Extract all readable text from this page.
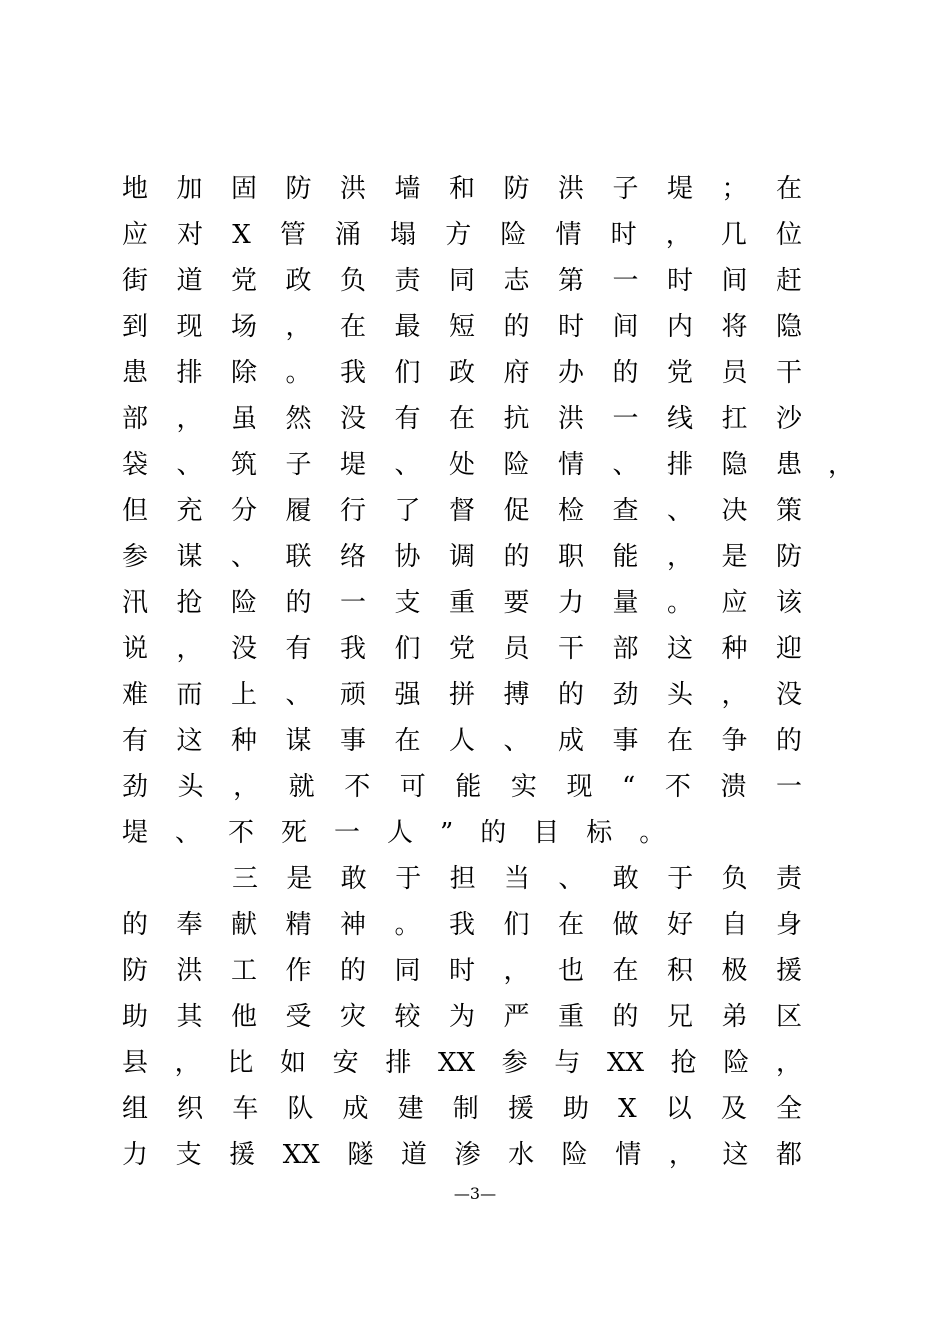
地加固防洪墙和防洪子堤；在
应对X管涌塌方险情时，几位
街道党政负责同志第一时间赶
到现场，在最短的时间内将隐
患排除。我们政府办的党员干
部，虽然没有在抗洪一线扛沙
袋、筑子堤、处险情、排隐患 ，
但充分履行了督促检查、决策
参谋、联络协调的职能，是防
汛抢险的一支重要力量。应该
说，没有我们党员干部这种迎
难而上、顽强拼搏的劲头，没
有这种谋事在人、成事在争的
劲头，就不可能实现“不溃一
堤、不死一人”的目标。
三是敢于担当、敢于负责
的奉献精神。我们在做好自身
防洪工作的同时，也在积极援
助其他受灾较为严重的兄弟区
县，比如安排XX参与XX抢险，
组织车队成建制援助X以及全
力支援XX隧道渗水险情，这都
—3—
